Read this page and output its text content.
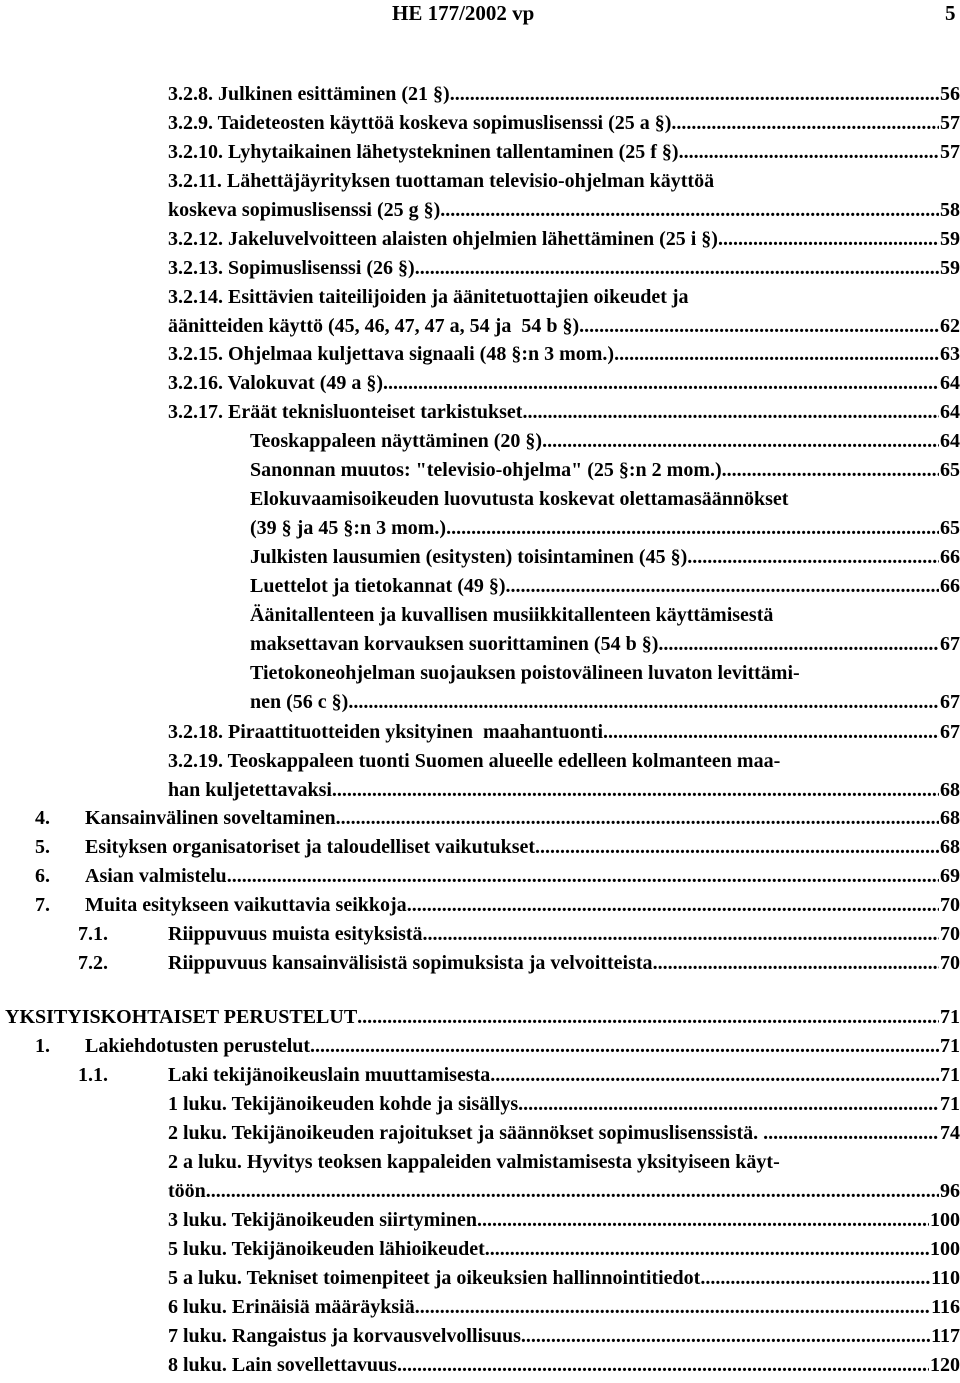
HE 177/2002 vp	5
3.2.8. Julkinen esittäminen (21 §) .....	56
3.2.9. Taideteosten käyttöä koskeva sopimuslisenssi (25 a §) .....	57
3.2.10. Lyhytaikainen lähetystekninen tallentaminen (25 f §) .....	57
3.2.11. Lähettäjäyrityksen tuottaman televisio-ohjelman käyttöä
koskeva sopimuslisenssi (25 g §) .....	58
3.2.12. Jakeluvelvoitteen alaisten ohjelmien lähettäminen (25 i §) .....	59
3.2.13. Sopimuslisenssi (26 §) .....	59
3.2.14. Esittävien taiteilijoiden ja äänitetuottajien oikeudet ja
äänitteiden käyttö (45, 46, 47, 47 a, 54 ja  54 b §) .....	62
3.2.15. Ohjelmaa kuljettava signaali (48 §:n 3 mom.) .....	63
3.2.16. Valokuvat (49 a §) .....	64
3.2.17. Eräät teknisluonteiset tarkistukset .....	64
Teoskappaleen näyttäminen (20 §) .....	64
Sanonnan muutos: "televisio-ohjelma" (25 §:n 2 mom.). .....	65
Elokuvaamisoikeuden luovutusta koskevat olettamasäännökset
(39 § ja 45 §:n 3 mom.) .....	65
Julkisten lausumien (esitysten) toisintaminen (45 §) .....	66
Luettelot ja tietokannat (49 §) .....	66
Äänitallenteen ja kuvallisen musiikkitallenteen käyttämisestä
maksettavan korvauksen suorittaminen (54 b §) .....	67
Tietokoneohjelman suojauksen poistovälineen luvaton levittämi-
nen (56 c §) .....	67
3.2.18. Piraattituotteiden yksityinen  maahantuonti .....	67
3.2.19. Teoskappaleen tuonti Suomen alueelle edelleen kolmanteen maa-
han kuljetettavaksi .....	68
4. Kansainvälinen soveltaminen .....	68
5. Esityksen organisatoriset ja taloudelliset vaikutukset .....	68
6. Asian valmistelu .....	69
7. Muita esitykseen vaikuttavia seikkoja .....	70
7.1.	Riippuvuus muista esityksistä .....	70
7.2.	Riippuvuus kansainvälisistä sopimuksista ja velvoitteista .....	70
YKSITYISKOHTAISET PERUSTELUT .....	71
1. Lakiehdotusten perustelut .....	71
1.1.	Laki tekijänoikeuslain muuttamisesta .....	71
1 luku. Tekijänoikeuden kohde ja sisällys .....	71
2 luku. Tekijänoikeuden rajoitukset ja säännökset sopimuslisenssistä. . .....	74
2 a luku. Hyvitys teoksen kappaleiden valmistamisesta yksityiseen käyt-
töön .....	96
3 luku. Tekijänoikeuden siirtyminen .....	100
5 luku. Tekijänoikeuden lähioikeudet .....	100
5 a luku. Tekniset toimenpiteet ja oikeuksien hallinnointitiedot .....	110
6 luku. Erinäisiä määräyksiä .....	116
7 luku. Rangaistus ja korvausvelvollisuus .....	117
8 luku. Lain sovellettavuus .....	120
